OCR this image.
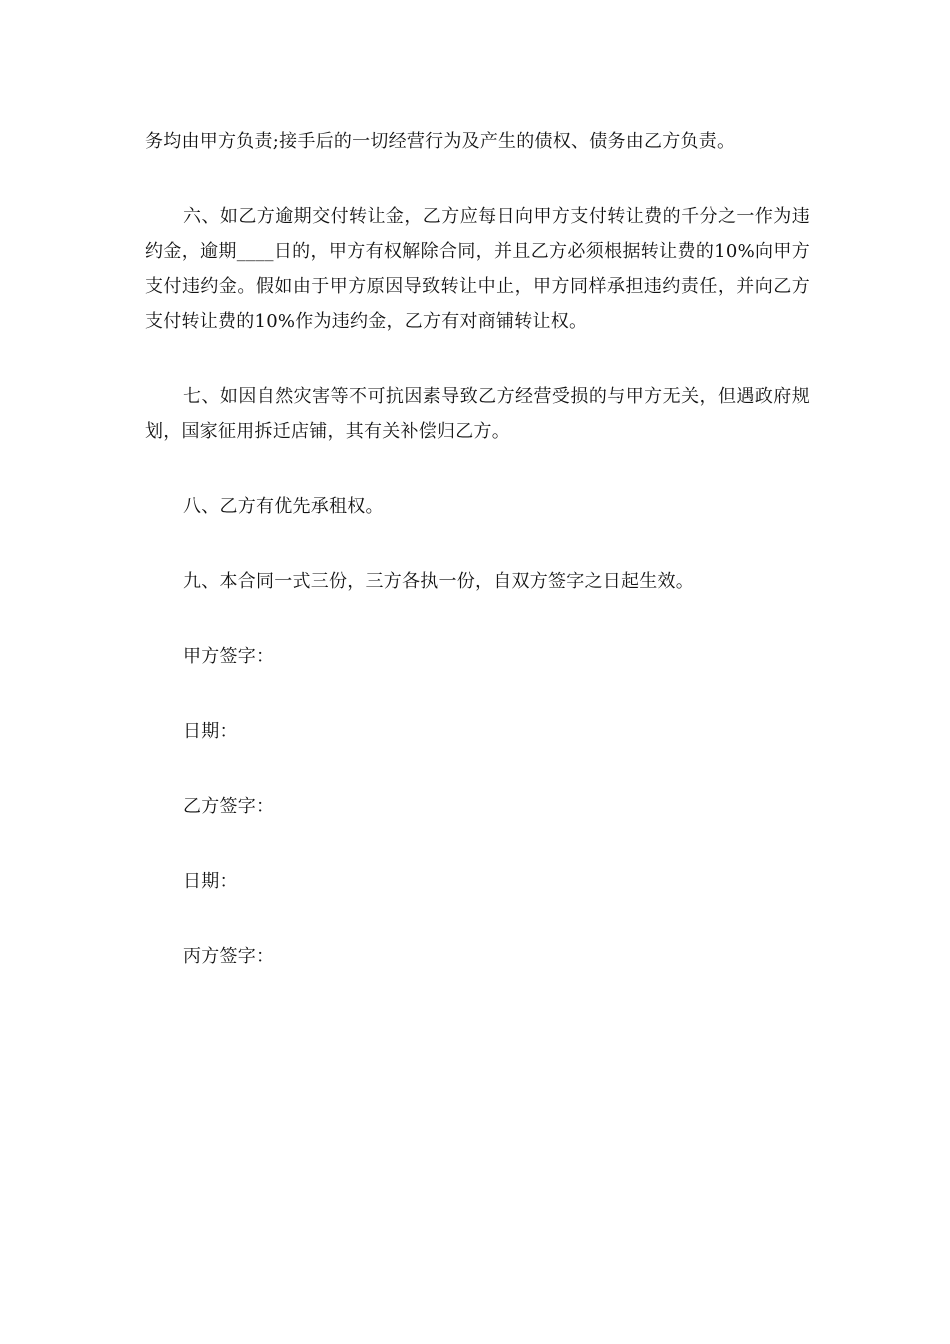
务均由甲方负责;接手后的一切经营行为及产生的债权、债务由乙方负责。

六、如乙方逾期交付转让金，乙方应每日向甲方支付转让费的千分之一作为违约金，逾期____日的，甲方有权解除合同，并且乙方必须根据转让费的10%向甲方支付违约金。假如由于甲方原因导致转让中止，甲方同样承担违约责任，并向乙方支付转让费的10%作为违约金，乙方有对商铺转让权。

七、如因自然灾害等不可抗因素导致乙方经营受损的与甲方无关，但遇政府规划，国家征用拆迁店铺，其有关补偿归乙方。

八、乙方有优先承租权。

九、本合同一式三份，三方各执一份，自双方签字之日起生效。

甲方签字：

日期：

乙方签字：

日期：

丙方签字：
